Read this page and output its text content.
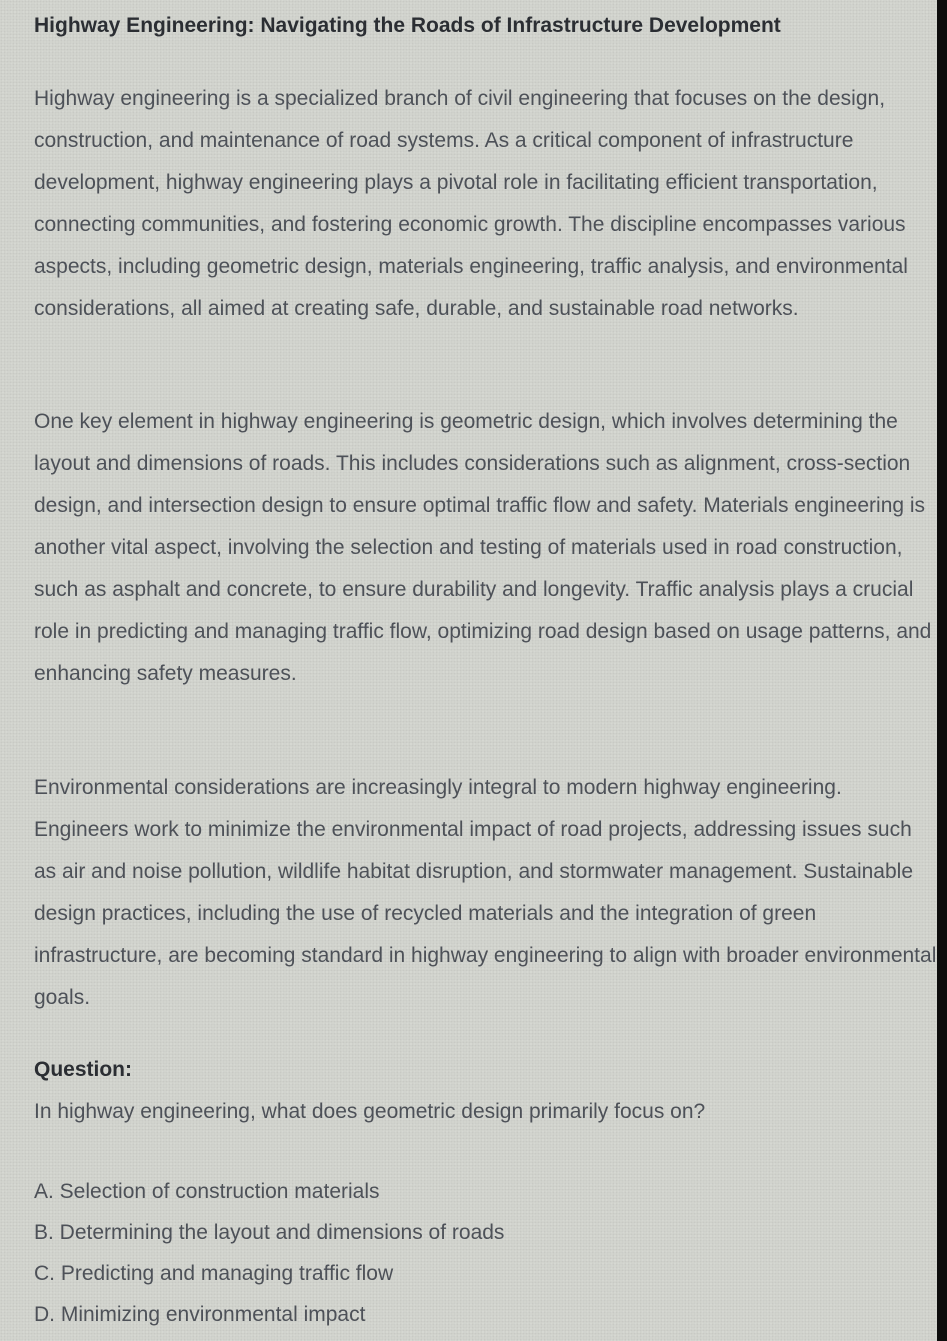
Highway Engineering: Navigating the Roads of Infrastructure Development

Highway engineering is a specialized branch of civil engineering that focuses on the design, construction, and maintenance of road systems. As a critical component of infrastructure development, highway engineering plays a pivotal role in facilitating efficient transportation, connecting communities, and fostering economic growth. The discipline encompasses various aspects, including geometric design, materials engineering, traffic analysis, and environmental considerations, all aimed at creating safe, durable, and sustainable road networks.

One key element in highway engineering is geometric design, which involves determining the layout and dimensions of roads. This includes considerations such as alignment, cross-section design, and intersection design to ensure optimal traffic flow and safety. Materials engineering is another vital aspect, involving the selection and testing of materials used in road construction, such as asphalt and concrete, to ensure durability and longevity. Traffic analysis plays a crucial role in predicting and managing traffic flow, optimizing road design based on usage patterns, and enhancing safety measures.

Environmental considerations are increasingly integral to modern highway engineering. Engineers work to minimize the environmental impact of road projects, addressing issues such as air and noise pollution, wildlife habitat disruption, and stormwater management. Sustainable design practices, including the use of recycled materials and the integration of green infrastructure, are becoming standard in highway engineering to align with broader environmental goals.

Question:

In highway engineering, what does geometric design primarily focus on?

A. Selection of construction materials
B. Determining the layout and dimensions of roads
C. Predicting and managing traffic flow
D. Minimizing environmental impact
